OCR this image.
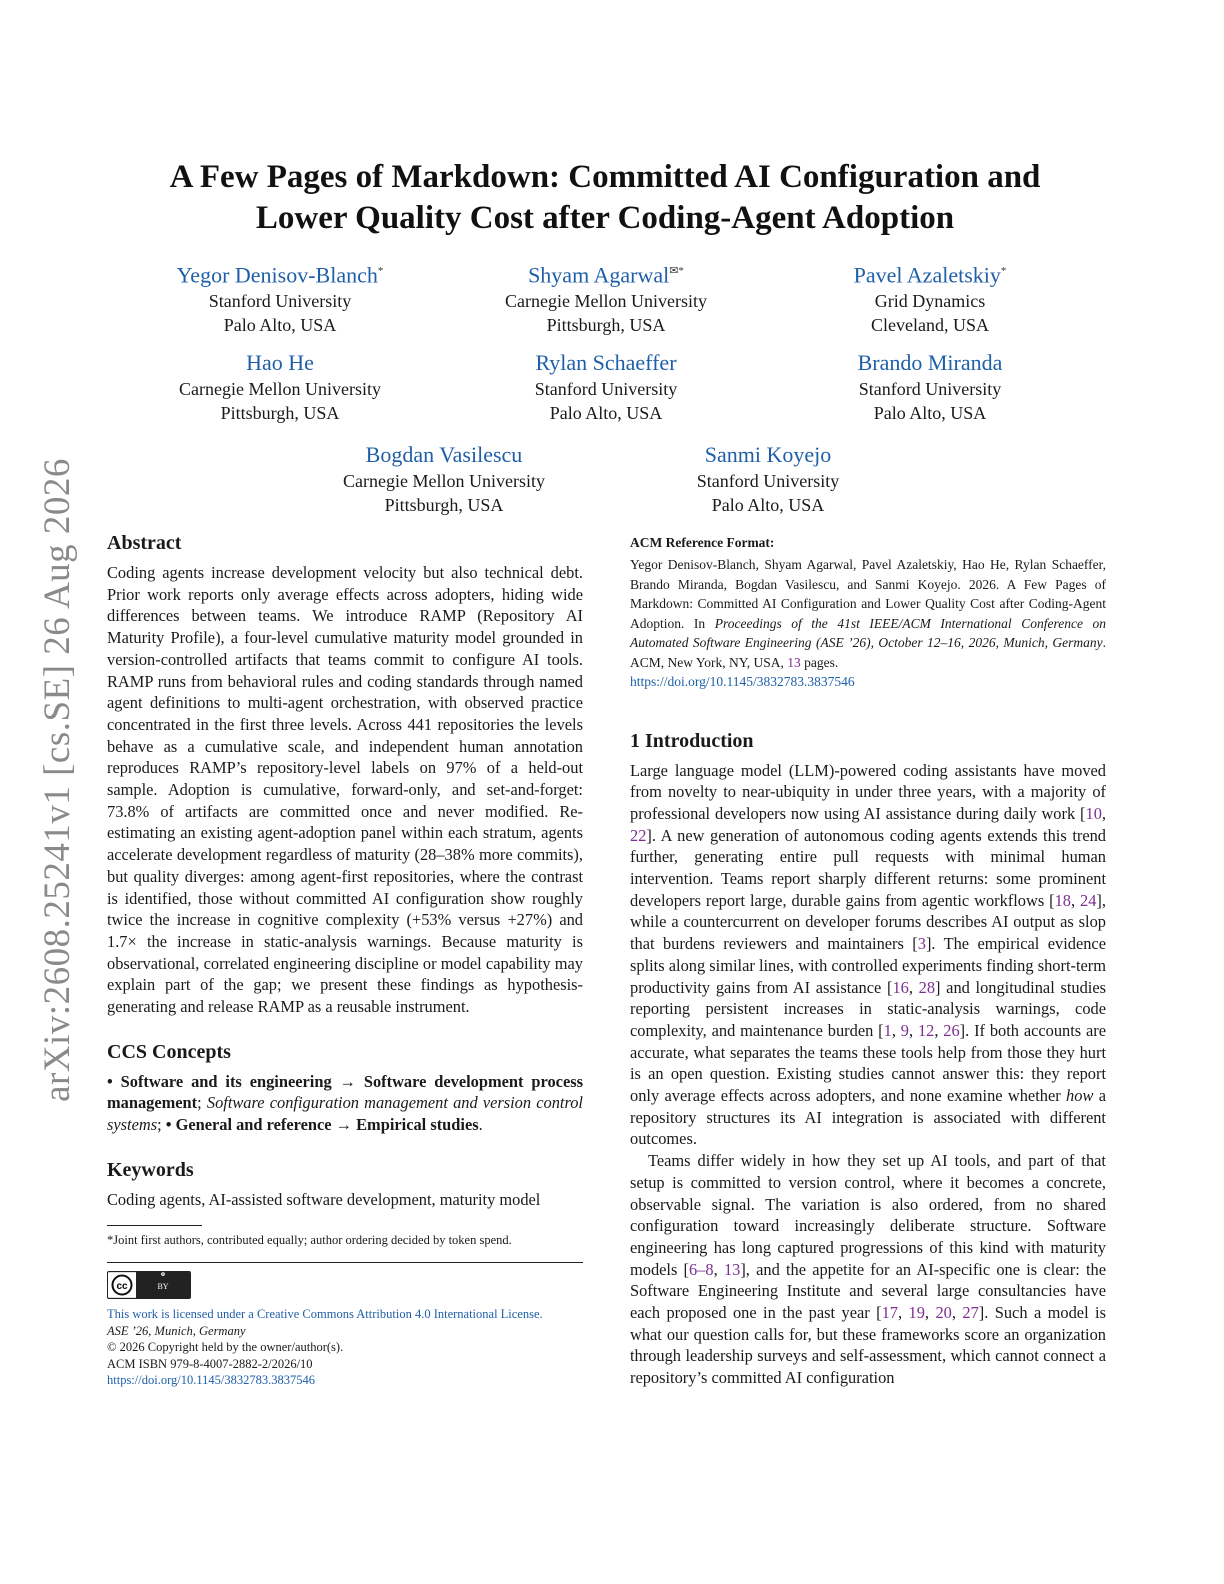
arXiv:2608.25241v1 [cs.SE] 26 Aug 2026
A Few Pages of Markdown: Committed AI Configuration and
Lower Quality Cost after Coding-Agent Adoption
Yegor Denisov-Blanch*
Stanford University
Palo Alto, USA
Shyam Agarwal✉*
Carnegie Mellon University
Pittsburgh, USA
Pavel Azaletskiy*
Grid Dynamics
Cleveland, USA
Hao He
Carnegie Mellon University
Pittsburgh, USA
Rylan Schaeffer
Stanford University
Palo Alto, USA
Brando Miranda
Stanford University
Palo Alto, USA
Bogdan Vasilescu
Carnegie Mellon University
Pittsburgh, USA
Sanmi Koyejo
Stanford University
Palo Alto, USA
Abstract

Coding agents increase development velocity but also technical debt. Prior work reports only average effects across adopters, hiding wide differences between teams. We introduce RAMP (Repository AI Maturity Profile), a four-level cumulative maturity model grounded in version-controlled artifacts that teams commit to configure AI tools. RAMP runs from behavioral rules and coding standards through named agent definitions to multi-agent orchestration, with observed practice concentrated in the first three levels. Across 441 repositories the levels behave as a cumulative scale, and independent human annotation reproduces RAMP’s repository-level labels on 97% of a held-out sample. Adoption is cumulative, forward-only, and set-and-forget: 73.8% of artifacts are committed once and never modified. Re-estimating an existing agent-adoption panel within each stratum, agents accelerate development regardless of maturity (28–38% more commits), but quality diverges: among agent-first repositories, where the contrast is identified, those without committed AI configuration show roughly twice the increase in cognitive complexity (+53% versus +27%) and 1.7× the increase in static-analysis warnings. Because maturity is observational, correlated engineering discipline or model capability may explain part of the gap; we present these findings as hypothesis-generating and release RAMP as a reusable instrument.

CCS Concepts

• Software and its engineering → Software development process management; Software configuration management and version control systems; • General and reference → Empirical studies.

Keywords

Coding agents, AI-assisted software development, maturity model

*Joint first authors, contributed equally; author ordering decided by token spend.

cc	BY
This work is licensed under a Creative Commons Attribution 4.0 International License.
ASE ’26, Munich, Germany
© 2026 Copyright held by the owner/author(s).
ACM ISBN 979-8-4007-2882-2/2026/10
https://doi.org/10.1145/3832783.3837546
ACM Reference Format:

Yegor Denisov-Blanch, Shyam Agarwal, Pavel Azaletskiy, Hao He, Rylan Schaeffer, Brando Miranda, Bogdan Vasilescu, and Sanmi Koyejo. 2026. A Few Pages of Markdown: Committed AI Configuration and Lower Quality Cost after Coding-Agent Adoption. In Proceedings of the 41st IEEE/ACM International Conference on Automated Software Engineering (ASE ’26), October 12–16, 2026, Munich, Germany. ACM, New York, NY, USA, 13 pages.
https://doi.org/10.1145/3832783.3837546

1 Introduction

Large language model (LLM)-powered coding assistants have moved from novelty to near-ubiquity in under three years, with a majority of professional developers now using AI assistance during daily work [10, 22]. A new generation of autonomous coding agents extends this trend further, generating entire pull requests with minimal human intervention. Teams report sharply different returns: some prominent developers report large, durable gains from agentic workflows [18, 24], while a countercurrent on developer forums describes AI output as slop that burdens reviewers and maintainers [3]. The empirical evidence splits along similar lines, with controlled experiments finding short-term productivity gains from AI assistance [16, 28] and longitudinal studies reporting persistent increases in static-analysis warnings, code complexity, and maintenance burden [1, 9, 12, 26]. If both accounts are accurate, what separates the teams these tools help from those they hurt is an open question. Existing studies cannot answer this: they report only average effects across adopters, and none examine whether how a repository structures its AI integration is associated with different outcomes.

Teams differ widely in how they set up AI tools, and part of that setup is committed to version control, where it becomes a concrete, observable signal. The variation is also ordered, from no shared configuration toward increasingly deliberate structure. Software engineering has long captured progressions of this kind with maturity models [6–8, 13], and the appetite for an AI-specific one is clear: the Software Engineering Institute and several large consultancies have each proposed one in the past year [17, 19, 20, 27]. Such a model is what our question calls for, but these frameworks score an organization through leadership surveys and self-assessment, which cannot connect a repository’s committed AI configuration
